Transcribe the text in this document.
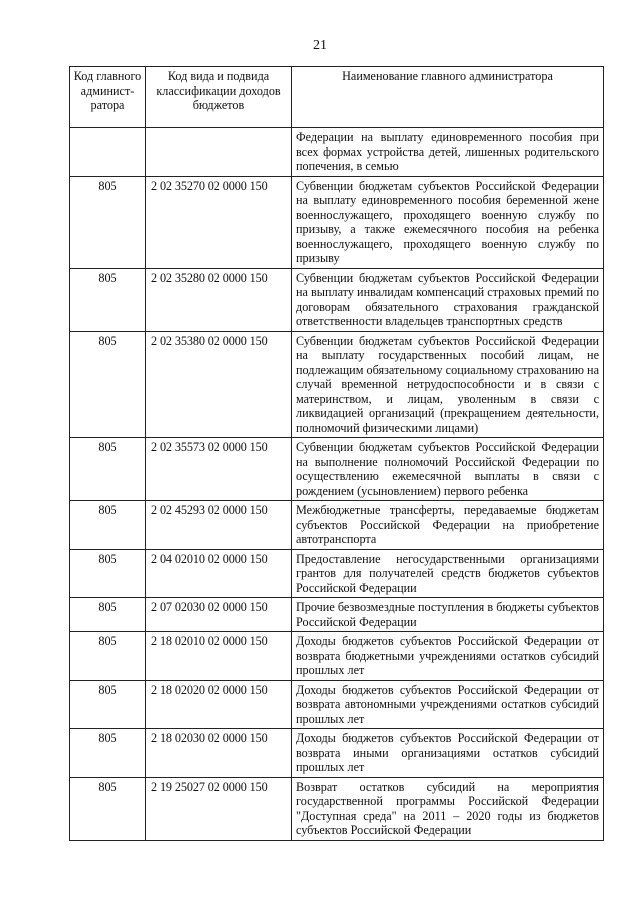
21
Код главного админист-ратора	Код вида и подвида классификации доходов бюджетов	Наименование главного администратора
		Федерации на выплату единовременного пособия при всех формах устройства детей, лишенных родительского попечения, в семью
805	2 02 35270 02 0000 150	Субвенции бюджетам субъектов Российской Федерации на выплату единовременного пособия беременной жене военнослужащего, проходящего военную службу по призыву, а также ежемесячного пособия на ребенка военнослужащего, проходящего военную службу по призыву
805	2 02 35280 02 0000 150	Субвенции бюджетам субъектов Российской Федерации на выплату инвалидам компенсаций страховых премий по договорам обязательного страхования гражданской ответственности владельцев транспортных средств
805	2 02 35380 02 0000 150	Субвенции бюджетам субъектов Российской Федерации на выплату государственных пособий лицам, не подлежащим обязательному социальному страхованию на случай временной нетрудоспособности и в связи с материнством, и лицам, уволенным в связи с ликвидацией организаций (прекращением деятельности, полномочий физическими лицами)
805	2 02 35573 02 0000 150	Субвенции бюджетам субъектов Российской Федерации на выполнение полномочий Российской Федерации по осуществлению ежемесячной выплаты в связи с рождением (усыновлением) первого ребенка
805	2 02 45293 02 0000 150	Межбюджетные трансферты, передаваемые бюджетам субъектов Российской Федерации на приобретение автотранспорта
805	2 04 02010 02 0000 150	Предоставление негосударственными организациями грантов для получателей средств бюджетов субъектов Российской Федерации
805	2 07 02030 02 0000 150	Прочие безвозмездные поступления в бюджеты субъектов Российской Федерации
805	2 18 02010 02 0000 150	Доходы бюджетов субъектов Российской Федерации от возврата бюджетными учреждениями остатков субсидий прошлых лет
805	2 18 02020 02 0000 150	Доходы бюджетов субъектов Российской Федерации от возврата автономными учреждениями остатков субсидий прошлых лет
805	2 18 02030 02 0000 150	Доходы бюджетов субъектов Российской Федерации от возврата иными организациями остатков субсидий прошлых лет
805	2 19 25027 02 0000 150	Возврат остатков субсидий на мероприятия государственной программы Российской Федерации "Доступная среда" на 2011 – 2020 годы из бюджетов субъектов Российской Федерации
